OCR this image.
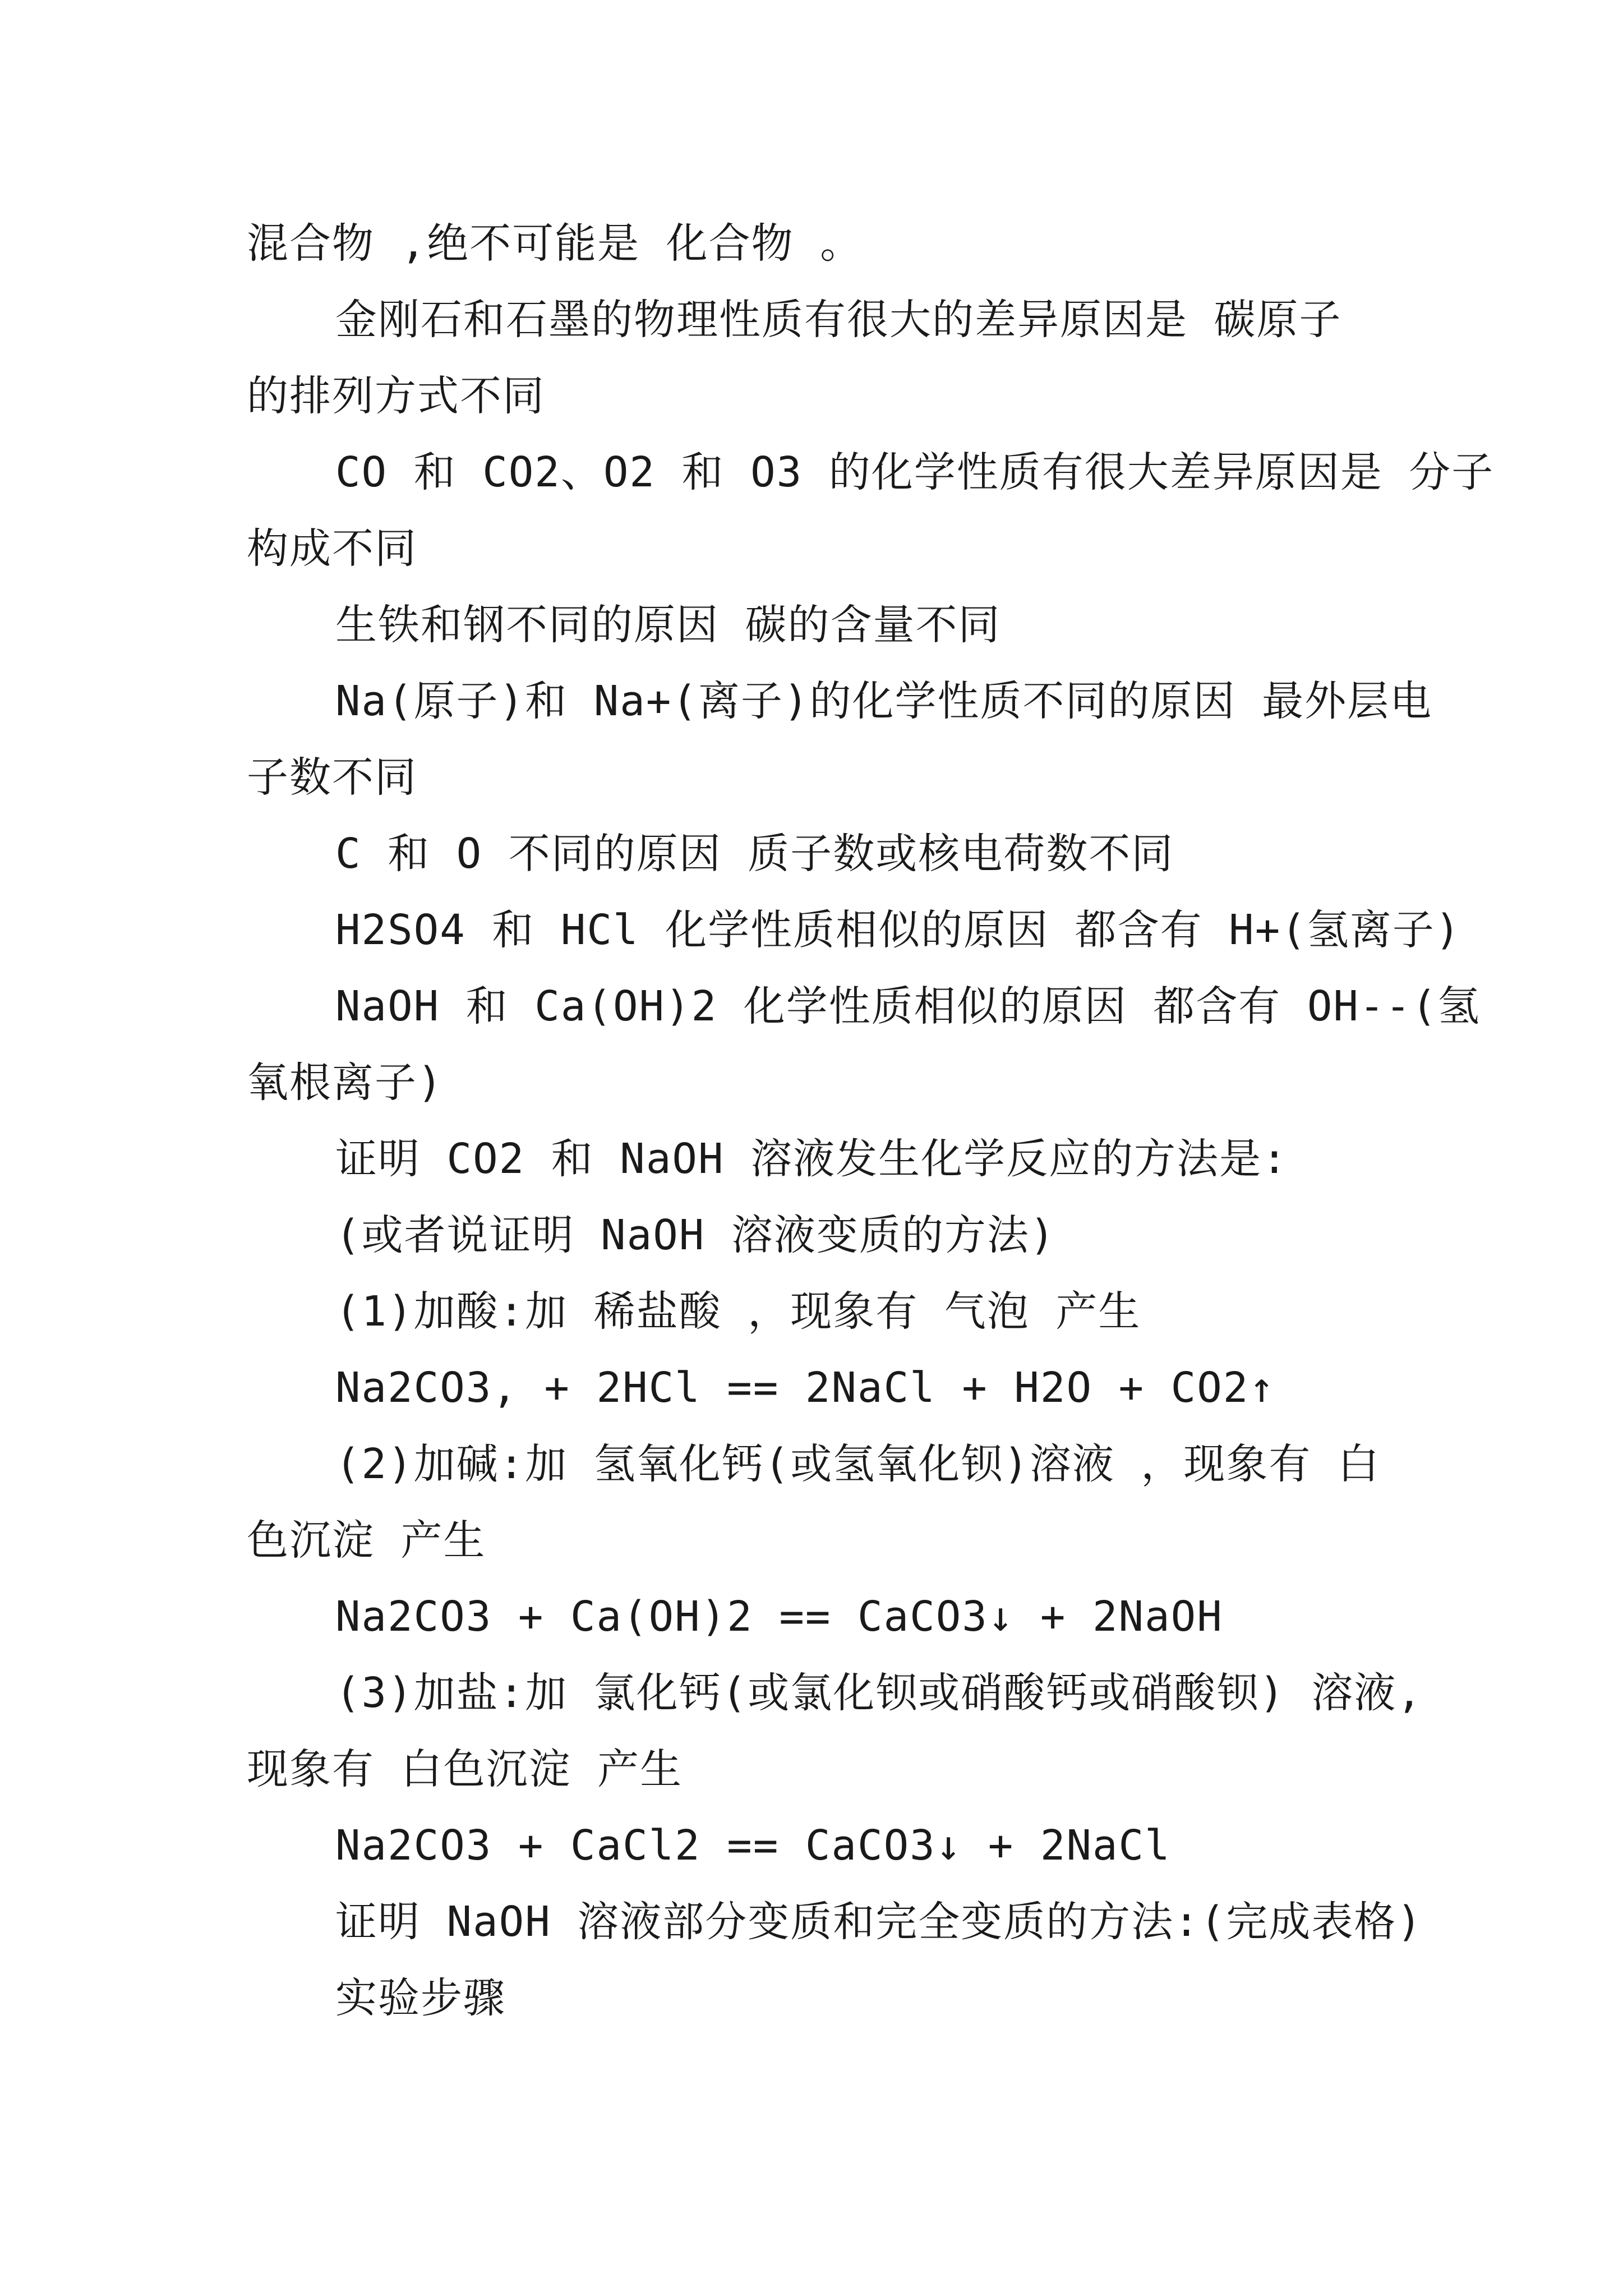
混合物 ,绝不可能是 化合物 。

金刚石和石墨的物理性质有很大的差异原因是 碳原子

的排列方式不同

CO 和 CO2、O2 和 O3 的化学性质有很大差异原因是 分子

构成不同

生铁和钢不同的原因 碳的含量不同

Na(原子)和 Na+(离子)的化学性质不同的原因 最外层电

子数不同

C 和 O 不同的原因 质子数或核电荷数不同

H2SO4 和 HCl 化学性质相似的原因 都含有 H+(氢离子)

NaOH 和 Ca(OH)2 化学性质相似的原因 都含有 OH--(氢

氧根离子)

证明 CO2 和 NaOH 溶液发生化学反应的方法是:

(或者说证明 NaOH 溶液变质的方法)

(1)加酸:加 稀盐酸 ，现象有 气泡 产生

Na2CO3, + 2HCl == 2NaCl + H2O + CO2↑

(2)加碱:加 氢氧化钙(或氢氧化钡)溶液 ，现象有 白

色沉淀 产生

Na2CO3 + Ca(OH)2 == CaCO3↓ + 2NaOH

(3)加盐:加 氯化钙(或氯化钡或硝酸钙或硝酸钡) 溶液,

现象有 白色沉淀 产生

Na2CO3 + CaCl2 == CaCO3↓ + 2NaCl

证明 NaOH 溶液部分变质和完全变质的方法:(完成表格)

实验步骤
